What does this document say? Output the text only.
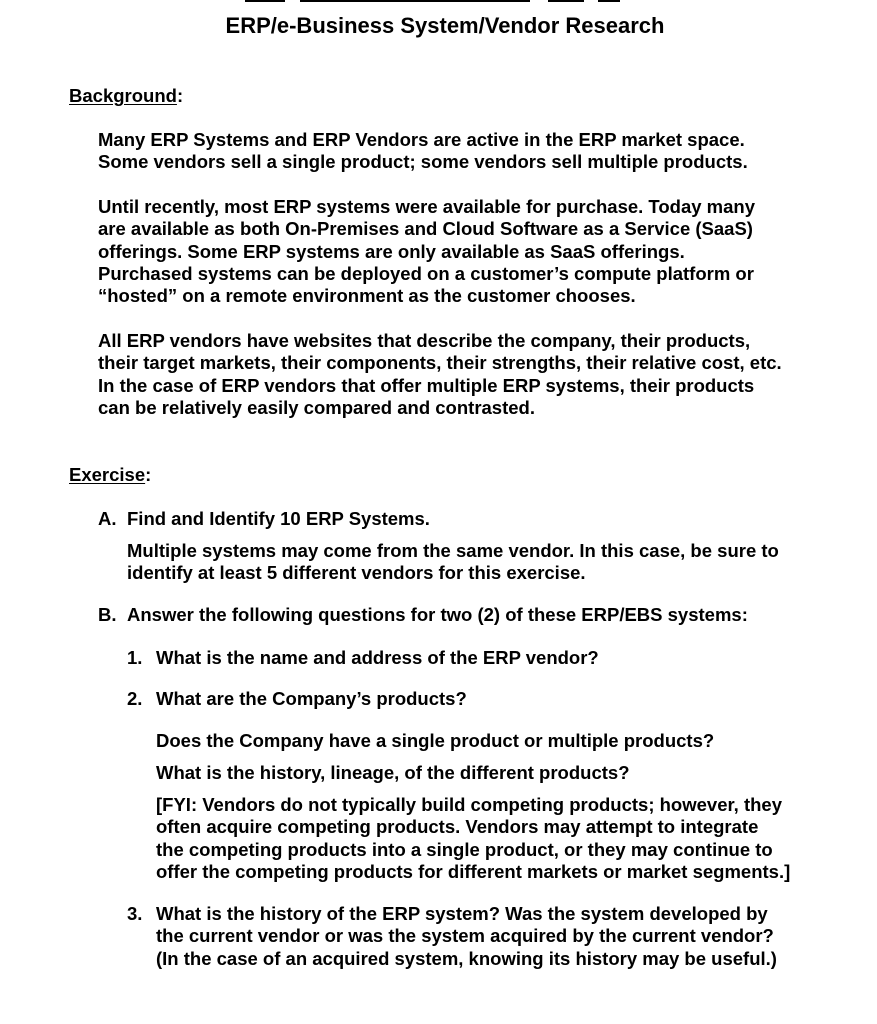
ERP/e-Business System/Vendor Research

Background:

Many ERP Systems and ERP Vendors are active in the ERP market space.
Some vendors sell a single product; some vendors sell multiple products.

Until recently, most ERP systems were available for purchase. Today many
are available as both On-Premises and Cloud Software as a Service (SaaS)
offerings. Some ERP systems are only available as SaaS offerings.
Purchased systems can be deployed on a customer’s compute platform or
“hosted” on a remote environment as the customer chooses.

All ERP vendors have websites that describe the company, their products,
their target markets, their components, their strengths, their relative cost, etc.
In the case of ERP vendors that offer multiple ERP systems, their products
can be relatively easily compared and contrasted.

Exercise:

A. Find and Identify 10 ERP Systems.

Multiple systems may come from the same vendor. In this case, be sure to
identify at least 5 different vendors for this exercise.

B. Answer the following questions for two (2) of these ERP/EBS systems:

1. What is the name and address of the ERP vendor?

2. What are the Company’s products?

Does the Company have a single product or multiple products?

What is the history, lineage, of the different products?

[FYI: Vendors do not typically build competing products; however, they
often acquire competing products. Vendors may attempt to integrate
the competing products into a single product, or they may continue to
offer the competing products for different markets or market segments.]

3. What is the history of the ERP system? Was the system developed by
the current vendor or was the system acquired by the current vendor?
(In the case of an acquired system, knowing its history may be useful.)
